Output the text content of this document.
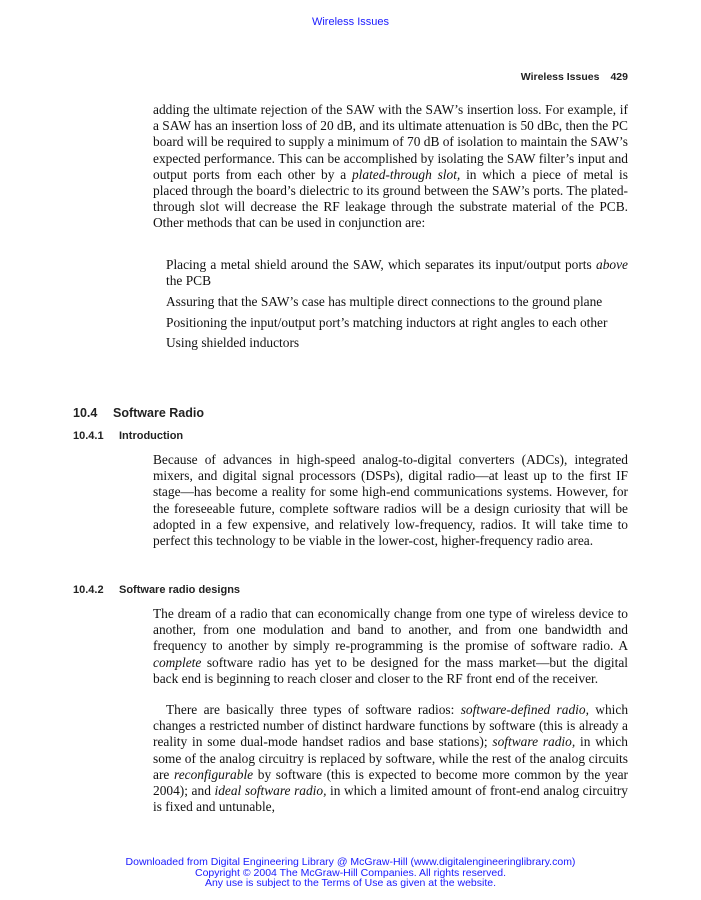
Wireless Issues
Wireless Issues 429
adding the ultimate rejection of the SAW with the SAW’s insertion loss. For example, if a SAW has an insertion loss of 20 dB, and its ultimate attenuation is 50 dBc, then the PC board will be required to supply a minimum of 70 dB of isolation to maintain the SAW’s expected performance. This can be accomplished by isolating the SAW filter’s input and output ports from each other by a plated-through slot, in which a piece of metal is placed through the board’s dielectric to its ground between the SAW’s ports. The plated-through slot will decrease the RF leakage through the substrate material of the PCB. Other methods that can be used in conjunction are:
Placing a metal shield around the SAW, which separates its input/output ports above the PCB
Assuring that the SAW’s case has multiple direct connections to the ground plane
Positioning the input/output port’s matching inductors at right angles to each other
Using shielded inductors
10.4 Software Radio
10.4.1 Introduction
Because of advances in high-speed analog-to-digital converters (ADCs), integrated mixers, and digital signal processors (DSPs), digital radio—at least up to the first IF stage—has become a reality for some high-end communications systems. However, for the foreseeable future, complete software radios will be a design curiosity that will be adopted in a few expensive, and relatively low-frequency, radios. It will take time to perfect this technology to be viable in the lower-cost, higher-frequency radio area.
10.4.2 Software radio designs
The dream of a radio that can economically change from one type of wireless device to another, from one modulation and band to another, and from one bandwidth and frequency to another by simply re-programming is the promise of software radio. A complete software radio has yet to be designed for the mass market—but the digital back end is beginning to reach closer and closer to the RF front end of the receiver.
There are basically three types of software radios: software-defined radio, which changes a restricted number of distinct hardware functions by software (this is already a reality in some dual-mode handset radios and base stations); software radio, in which some of the analog circuitry is replaced by software, while the rest of the analog circuits are reconfigurable by software (this is expected to become more common by the year 2004); and ideal software radio, in which a limited amount of front-end analog circuitry is fixed and untunable,
Downloaded from Digital Engineering Library @ McGraw-Hill (www.digitalengineeringlibrary.com)
Copyright © 2004 The McGraw-Hill Companies. All rights reserved.
Any use is subject to the Terms of Use as given at the website.
